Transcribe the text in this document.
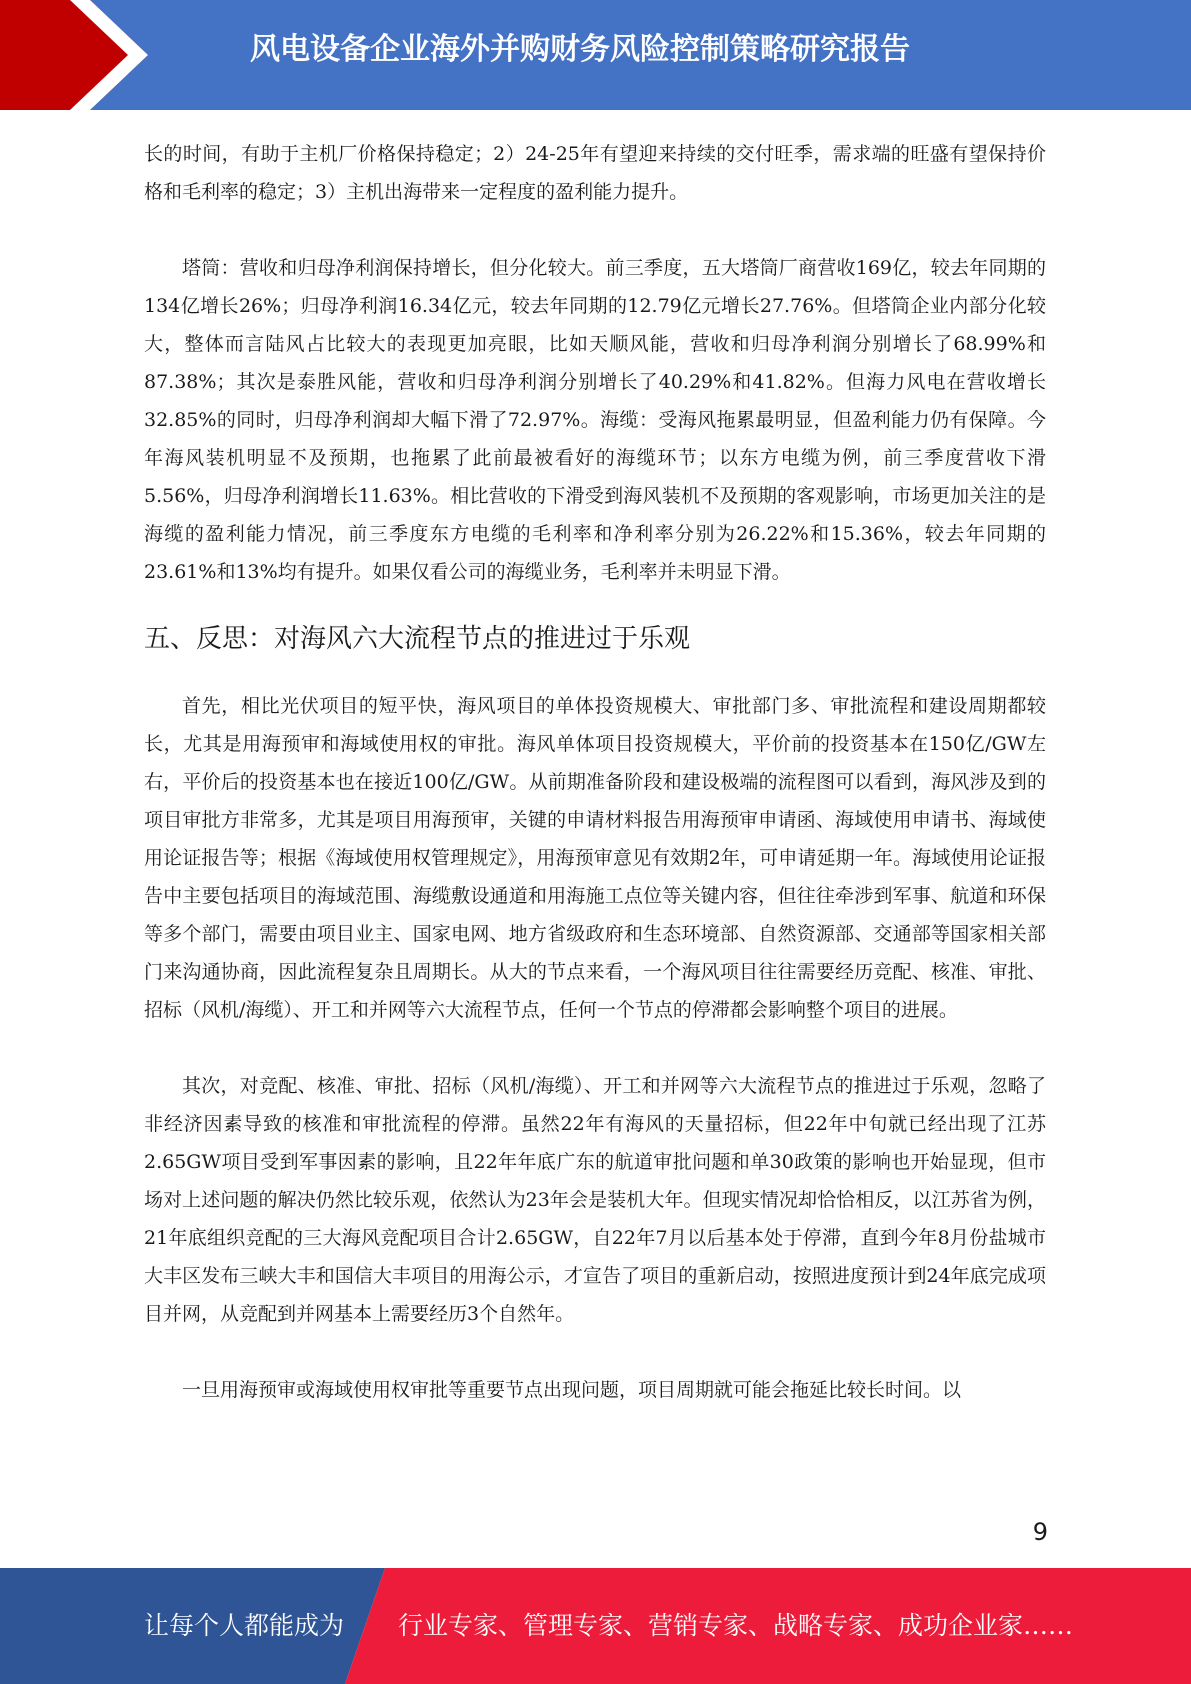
风电设备企业海外并购财务风险控制策略研究报告

长的时间，有助于主机厂价格保持稳定；2）24-25年有望迎来持续的交付旺季，需求端的旺盛有望保持价格和毛利率的稳定；3）主机出海带来一定程度的盈利能力提升。

塔筒：营收和归母净利润保持增长，但分化较大。前三季度，五大塔筒厂商营收169亿，较去年同期的134亿增长26%；归母净利润16.34亿元，较去年同期的12.79亿元增长27.76%。但塔筒企业内部分化较大，整体而言陆风占比较大的表现更加亮眼，比如天顺风能，营收和归母净利润分别增长了68.99%和87.38%；其次是泰胜风能，营收和归母净利润分别增长了40.29%和41.82%。但海力风电在营收增长32.85%的同时，归母净利润却大幅下滑了72.97%。海缆：受海风拖累最明显，但盈利能力仍有保障。今年海风装机明显不及预期，也拖累了此前最被看好的海缆环节；以东方电缆为例，前三季度营收下滑5.56%，归母净利润增长11.63%。相比营收的下滑受到海风装机不及预期的客观影响，市场更加关注的是海缆的盈利能力情况，前三季度东方电缆的毛利率和净利率分别为26.22%和15.36%，较去年同期的23.61%和13%均有提升。如果仅看公司的海缆业务，毛利率并未明显下滑。

五、反思：对海风六大流程节点的推进过于乐观

首先，相比光伏项目的短平快，海风项目的单体投资规模大、审批部门多、审批流程和建设周期都较长，尤其是用海预审和海域使用权的审批。海风单体项目投资规模大，平价前的投资基本在150亿/GW左右，平价后的投资基本也在接近100亿/GW。从前期准备阶段和建设极端的流程图可以看到，海风涉及到的项目审批方非常多，尤其是项目用海预审，关键的申请材料报告用海预审申请函、海域使用申请书、海域使用论证报告等；根据《海域使用权管理规定》，用海预审意见有效期2年，可申请延期一年。海域使用论证报告中主要包括项目的海域范围、海缆敷设通道和用海施工点位等关键内容，但往往牵涉到军事、航道和环保等多个部门，需要由项目业主、国家电网、地方省级政府和生态环境部、自然资源部、交通部等国家相关部门来沟通协商，因此流程复杂且周期长。从大的节点来看，一个海风项目往往需要经历竞配、核准、审批、招标（风机/海缆）、开工和并网等六大流程节点，任何一个节点的停滞都会影响整个项目的进展。

其次，对竞配、核准、审批、招标（风机/海缆）、开工和并网等六大流程节点的推进过于乐观，忽略了非经济因素导致的核准和审批流程的停滞。虽然22年有海风的天量招标，但22年中旬就已经出现了江苏2.65GW项目受到军事因素的影响，且22年年底广东的航道审批问题和单30政策的影响也开始显现，但市场对上述问题的解决仍然比较乐观，依然认为23年会是装机大年。但现实情况却恰恰相反，以江苏省为例，21年底组织竞配的三大海风竞配项目合计2.65GW，自22年7月以后基本处于停滞，直到今年8月份盐城市大丰区发布三峡大丰和国信大丰项目的用海公示，才宣告了项目的重新启动，按照进度预计到24年底完成项目并网，从竞配到并网基本上需要经历3个自然年。

一旦用海预审或海域使用权审批等重要节点出现问题，项目周期就可能会拖延比较长时间。以

9
让每个人都能成为 行业专家、管理专家、营销专家、战略专家、成功企业家……
